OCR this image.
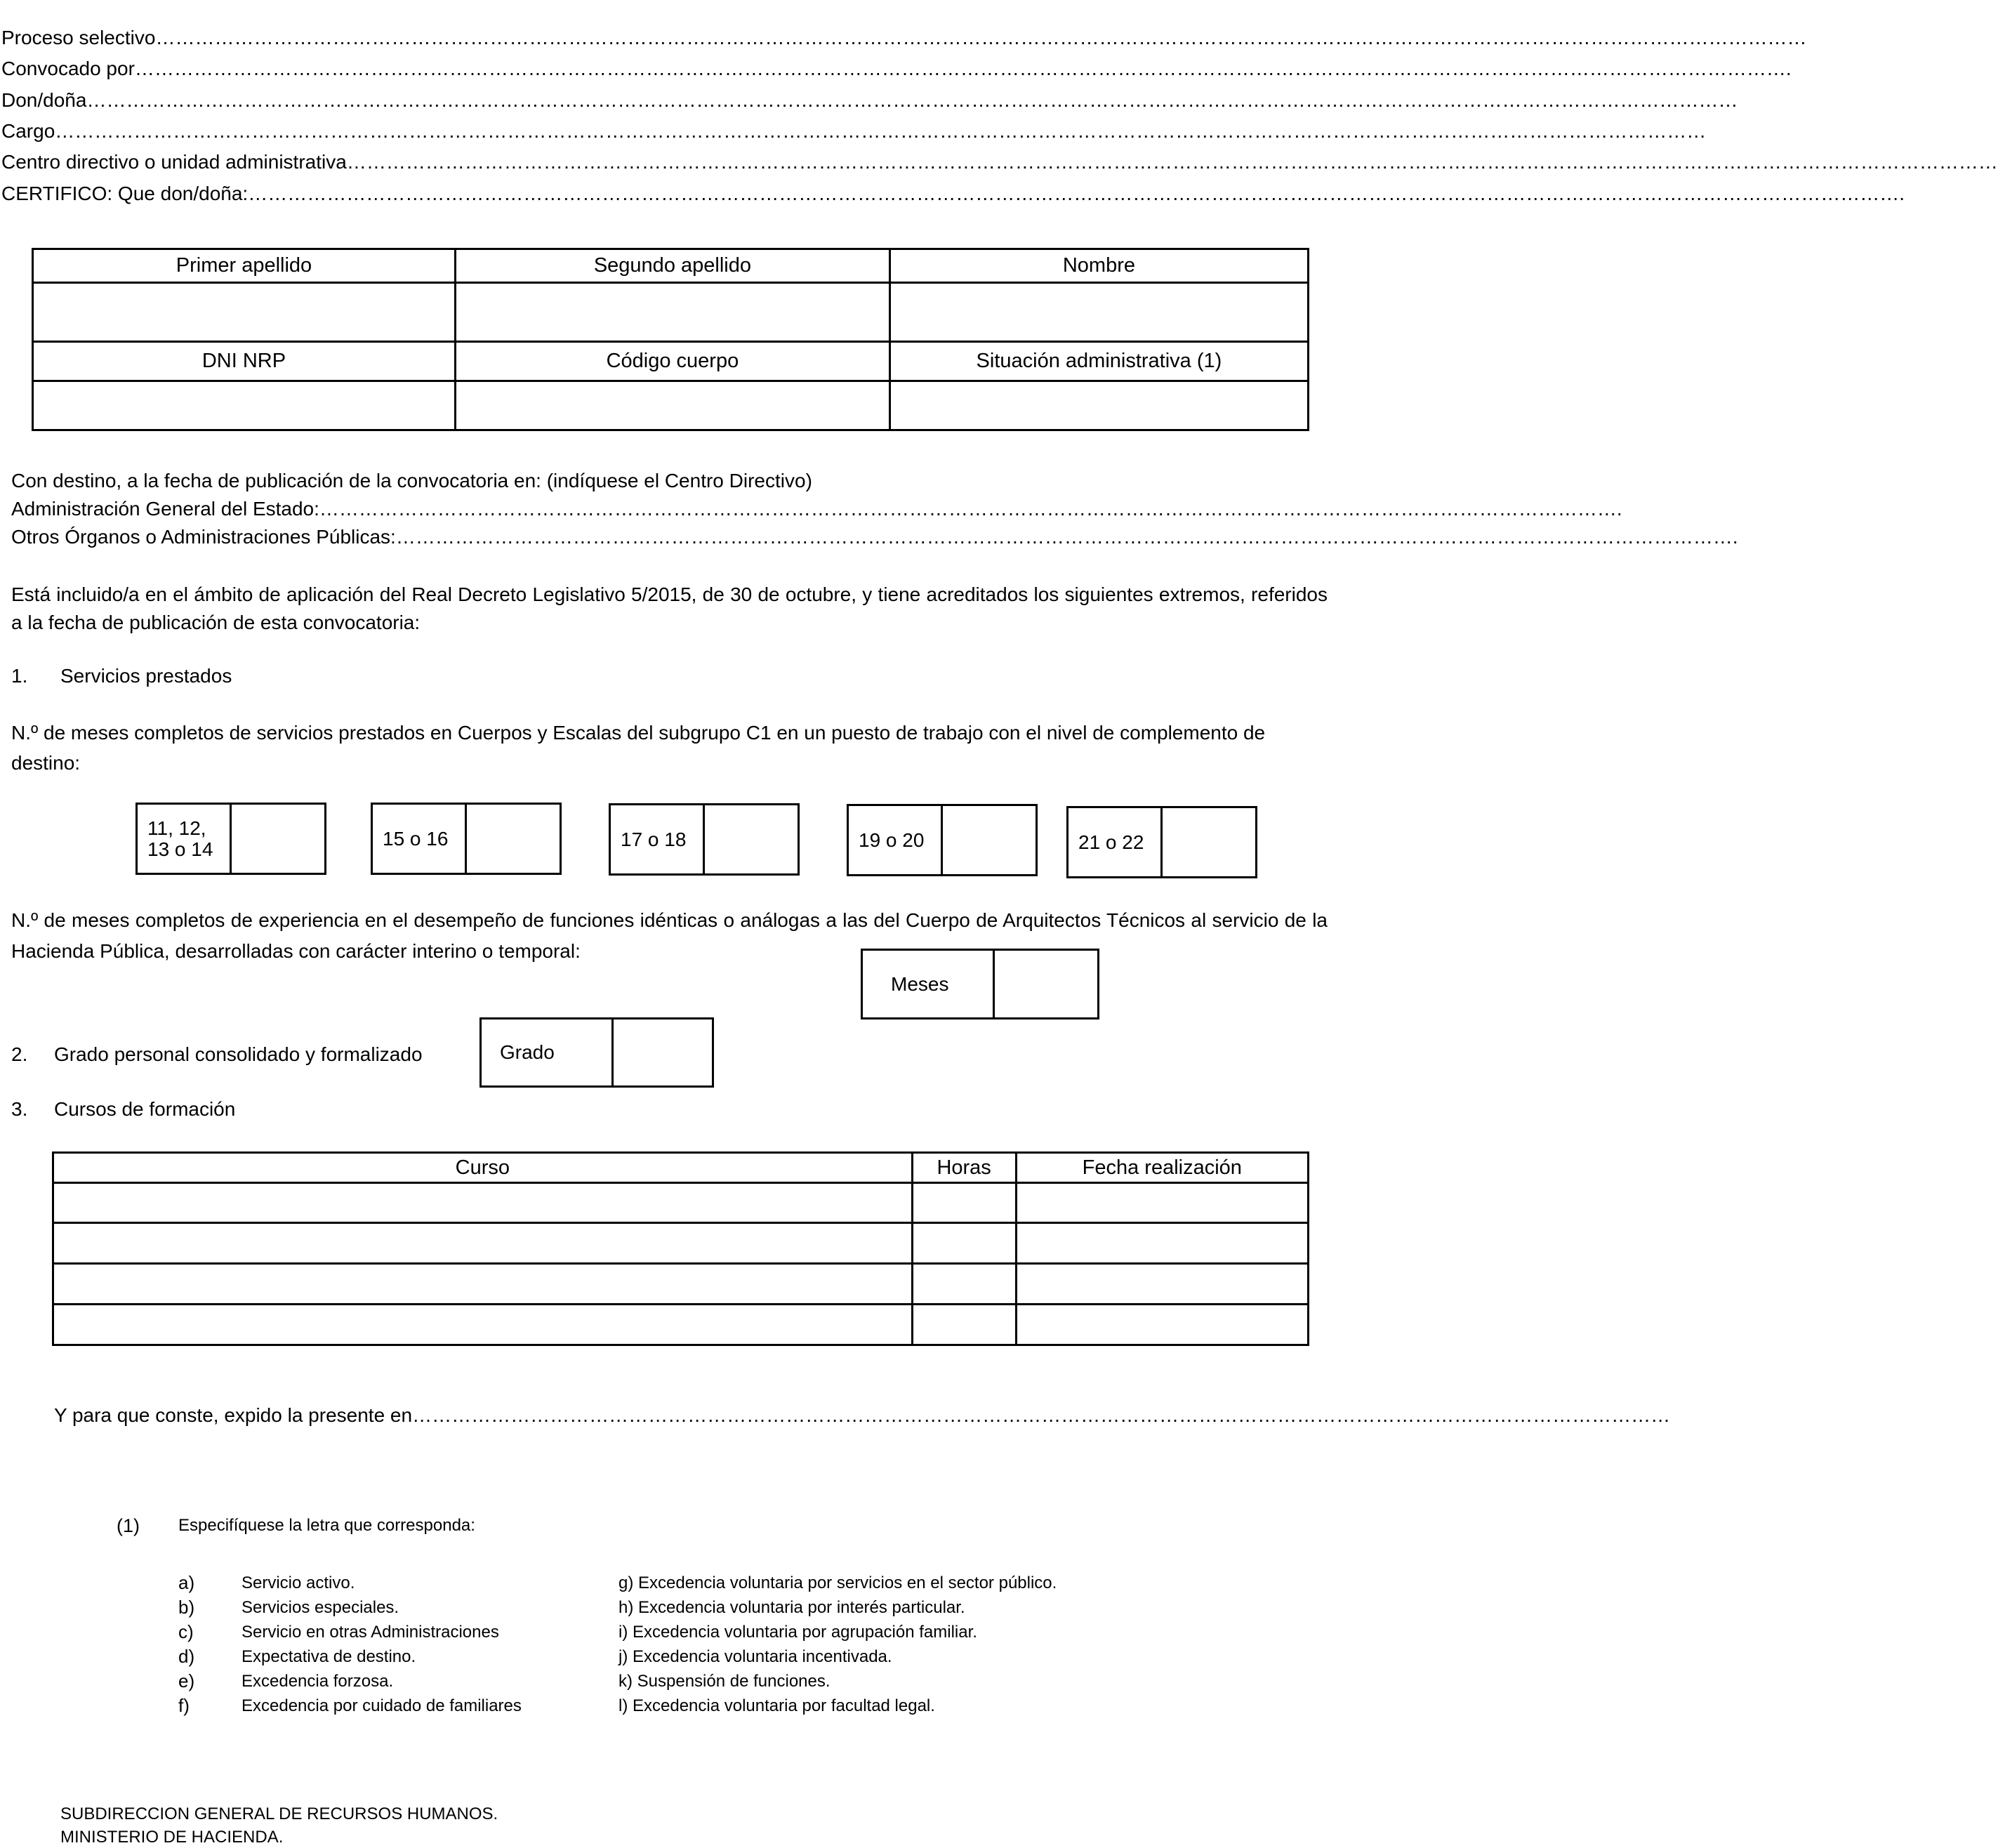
Proceso selectivo ………………………………………………………………………………………………………………………………………………………………………………………………………………………………
Convocado por ……………………………………………………………………………………………………………………………………………………………………………………………………………………………….
Don/doña ………………………………………………………………………………………………………………………………………………………………………………………………………………………………
Cargo ………………………………………………………………………………………………………………………………………………………………………………………………………………………………
Centro directivo o unidad administrativa ………………………………………………………………………………………………………………………………………………………………………………………………………………………………
CERTIFICO: Que don/doña: ……………………………………………………………………………………………………………………………………………………………………………………………………………………………….
Primer apellido	Segundo apellido	Nombre

DNI NRP	Código cuerpo	Situación administrativa (1)

Con destino, a la fecha de publicación de la convocatoria en: (indíquese el Centro Directivo)
Administración General del Estado: ……………………………………………………………………………………………………………………………………………………………………………….
Otros Órganos o Administraciones Públicas: …………………………………………………………………………………………………………………………………………………………………………………….
Está incluido/a en el ámbito de aplicación del Real Decreto Legislativo 5/2015, de 30 de octubre, y tiene acreditados los siguientes extremos, referidos a la fecha de publicación de esta convocatoria:
1. Servicios prestados
N.º de meses completos de servicios prestados en Cuerpos y Escalas del subgrupo C1 en un puesto de trabajo con el nivel de complemento de destino:
11, 12,
13 o 14	15 o 16	17 o 18	19 o 20	21 o 22
N.º de meses completos de experiencia en el desempeño de funciones idénticas o análogas a las del Cuerpo de Arquitectos Técnicos al servicio de la Hacienda Pública, desarrolladas con carácter interino o temporal:
Meses
2. Grado personal consolidado y formalizado	Grado
3. Cursos de formación
Curso	Horas	Fecha realización

Y para que conste, expido la presente en …………………………………………………………………………………………………………………………………………………………………………
(1) Especifíquese la letra que corresponda:
a)	Servicio activo.
b)	Servicios especiales.
c)	Servicio en otras Administraciones
d)	Expectativa de destino.
e)	Excedencia forzosa.
f)	Excedencia por cuidado de familiares
g) Excedencia voluntaria por servicios en el sector público.
h) Excedencia voluntaria por interés particular.
i) Excedencia voluntaria por agrupación familiar.
j) Excedencia voluntaria incentivada.
k) Suspensión de funciones.
l) Excedencia voluntaria por facultad legal.
SUBDIRECCION GENERAL DE RECURSOS HUMANOS.
MINISTERIO DE HACIENDA.
